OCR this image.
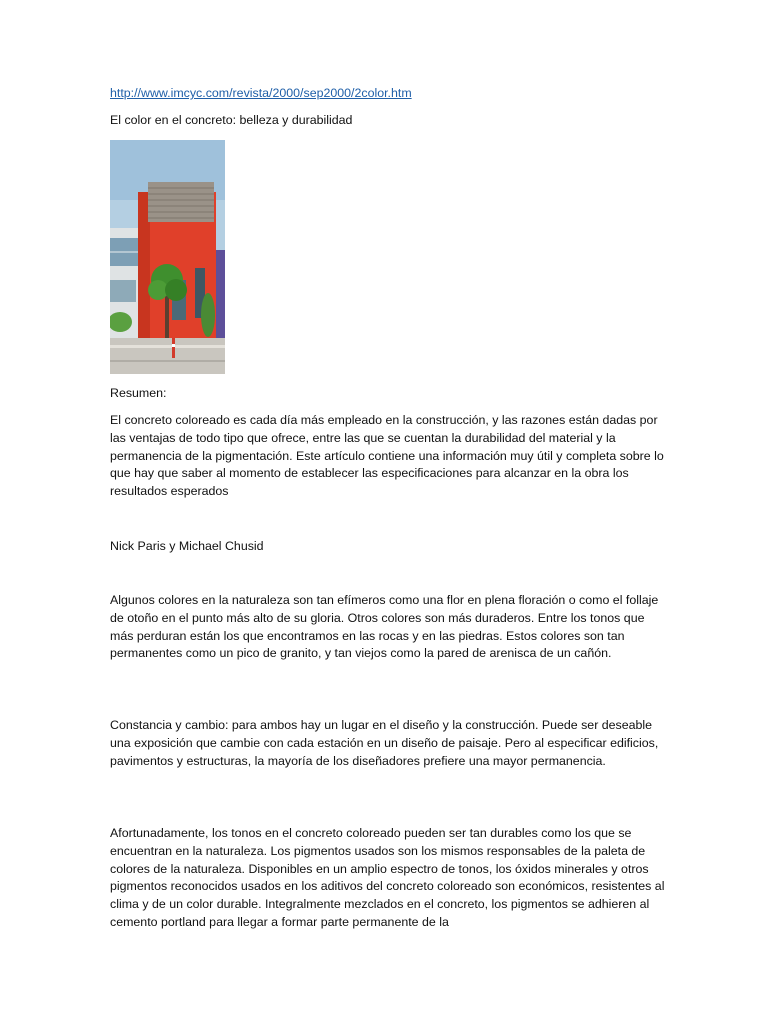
http://www.imcyc.com/revista/2000/sep2000/2color.htm

El color en el concreto: belleza y durabilidad

Resumen:

El concreto coloreado es cada día más empleado en la construcción, y las razones están dadas por las ventajas de todo tipo que ofrece, entre las que se cuentan la durabilidad del material y la permanencia de la pigmentación. Este artículo contiene una información muy útil y completa sobre lo que hay que saber al momento de establecer las especificaciones para alcanzar en la obra los resultados esperados

Nick Paris y Michael Chusid

Algunos colores en la naturaleza son tan efímeros como una flor en plena floración o como el follaje de otoño en el punto más alto de su gloria. Otros colores son más duraderos. Entre los tonos que más perduran están los que encontramos en las rocas y en las piedras. Estos colores son tan permanentes como un pico de granito, y tan viejos como la pared de arenisca de un cañón.

Constancia y cambio: para ambos hay un lugar en el diseño y la construcción. Puede ser deseable una exposición que cambie con cada estación en un diseño de paisaje. Pero al especificar edificios, pavimentos y estructuras, la mayoría de los diseñadores prefiere una mayor permanencia.

Afortunadamente, los tonos en el concreto coloreado pueden ser tan durables como los que se encuentran en la naturaleza. Los pigmentos usados son los mismos responsables de la paleta de colores de la naturaleza. Disponibles en un amplio espectro de tonos, los óxidos minerales y otros pigmentos reconocidos usados en los aditivos del concreto coloreado son económicos, resistentes al clima y de un color durable. Integralmente mezclados en el concreto, los pigmentos se adhieren al cemento portland para llegar a formar parte permanente de la
